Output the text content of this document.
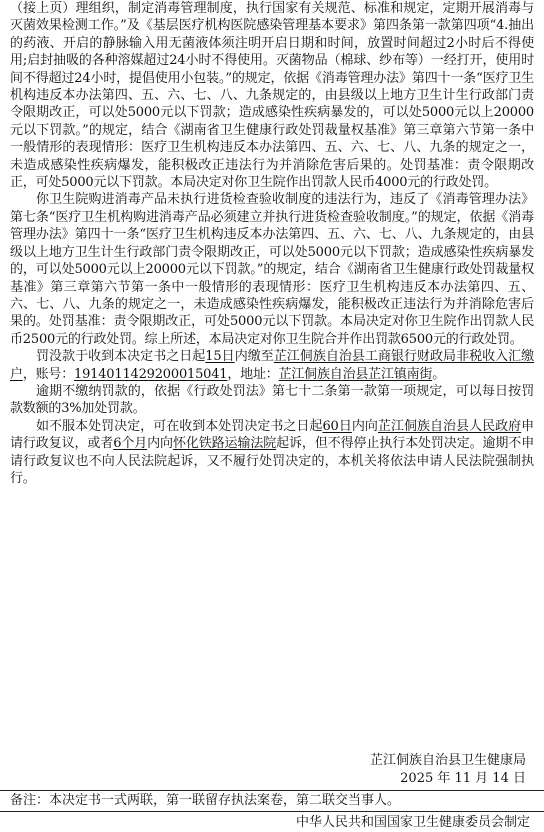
（接上页）理组织，制定消毒管理制度，执行国家有关规范、标准和规定，定期开展消毒与灭菌效果检测工作。”及《基层医疗机构医院感染管理基本要求》第四条第一款第四项“4.抽出的药液、开启的静脉输入用无菌液体须注明开启日期和时间，放置时间超过2小时后不得使用;启封抽吸的各种溶媒超过24小时不得使用。灭菌物品（棉球、纱布等）一经打开，使用时间不得超过24小时，提倡使用小包装。”的规定，依据《消毒管理办法》第四十一条“医疗卫生机构违反本办法第四、五、六、七、八、九条规定的，由县级以上地方卫生计生行政部门责令限期改正，可以处5000元以下罚款；造成感染性疾病暴发的，可以处5000元以上20000元以下罚款。”的规定，结合《湖南省卫生健康行政处罚裁量权基准》第三章第六节第一条中一般情形的表现情形：医疗卫生机构违反本办法第四、五、六、七、八、九条的规定之一，未造成感染性疾病爆发，能积极改正违法行为并消除危害后果的。处罚基准：责令限期改正，可处5000元以下罚款。本局决定对你卫生院作出罚款人民币4000元的行政处罚。

你卫生院购进消毒产品未执行进货检查验收制度的违法行为，违反了《消毒管理办法》第七条“医疗卫生机构购进消毒产品必须建立并执行进货检查验收制度。”的规定，依据《消毒管理办法》第四十一条“医疗卫生机构违反本办法第四、五、六、七、八、九条规定的，由县级以上地方卫生计生行政部门责令限期改正，可以处5000元以下罚款；造成感染性疾病暴发的，可以处5000元以上20000元以下罚款。”的规定，结合《湖南省卫生健康行政处罚裁量权基准》第三章第六节第一条中一般情形的表现情形：医疗卫生机构违反本办法第四、五、六、七、八、九条的规定之一，未造成感染性疾病爆发，能积极改正违法行为并消除危害后果的。处罚基准：责令限期改正，可处5000元以下罚款。本局决定对你卫生院作出罚款人民币2500元的行政处罚。综上所述，本局决定对你卫生院合并作出罚款6500元的行政处罚。

罚没款于收到本决定书之日起15日内缴至芷江侗族自治县工商银行财政局非税收入汇缴户，账号：1914011429200015041，地址：芷江侗族自治县芷江镇南街。

逾期不缴纳罚款的，依据《行政处罚法》第七十二条第一款第一项规定，可以每日按罚款数额的3%加处罚款。

如不服本处罚决定，可在收到本处罚决定书之日起60日内向芷江侗族自治县人民政府申请行政复议，或者6个月内向怀化铁路运输法院起诉，但不得停止执行本处罚决定。逾期不申请行政复议也不向人民法院起诉，又不履行处罚决定的，本机关将依法申请人民法院强制执行。

芷江侗族自治县卫生健康局
2025 年 11 月 14 日
备注：本决定书一式两联，第一联留存执法案卷，第二联交当事人。
中华人民共和国国家卫生健康委员会制定
